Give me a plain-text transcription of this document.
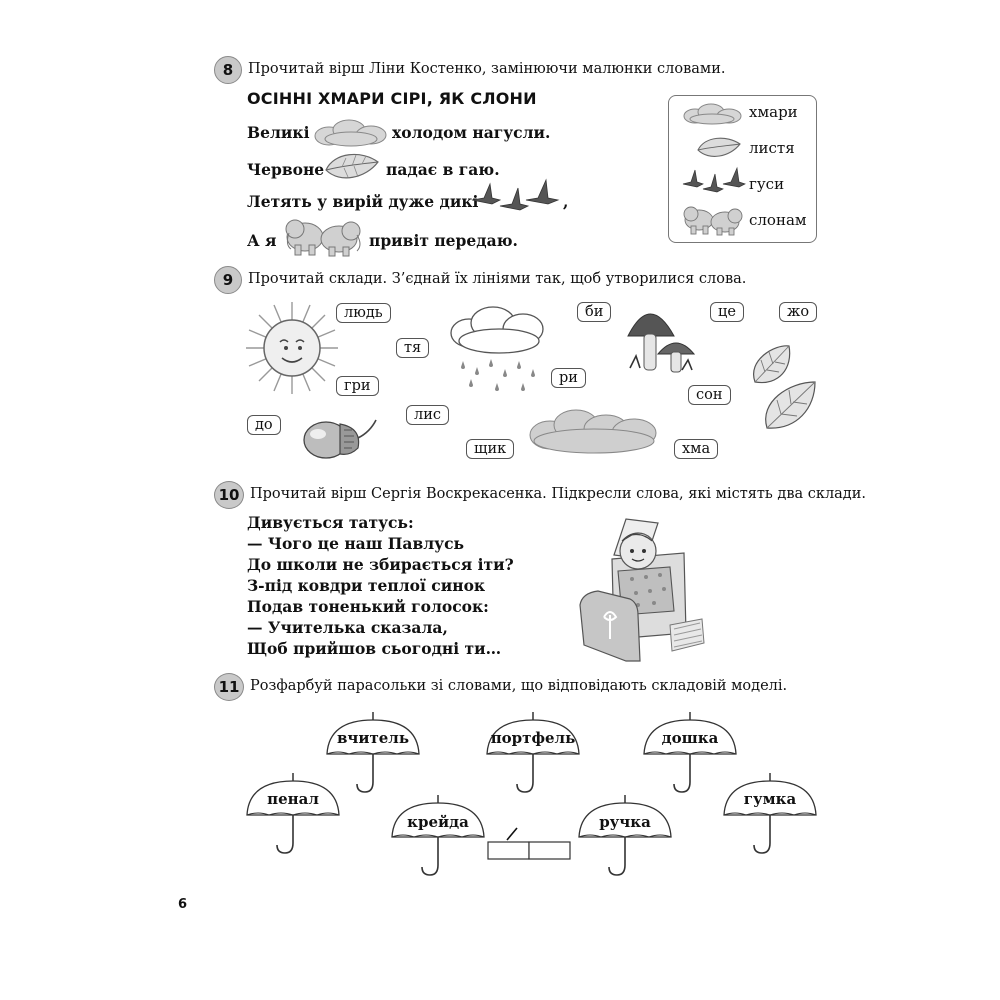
8	Прочитай вірш Ліни Костенко, замінюючи малюнки словами.
ОСІННІ ХМАРИ СІРІ, ЯК СЛОНИ
Великі	холодом нагусли.
Червоне	падає в гаю.
Летять у вирій дуже дикі	,
А я	привіт передаю.
хмари
листя
гуси
слонам
9	Прочитай склади. З’єднай їх лініями так, щоб утворилися слова.
людь
тя
гри
до
лис
щик
ри
би	це	жо
сон
хма
10 Прочитай вірш Сергія Воскрекасенка. Підкресли слова, які містять два склади.
Дивується татусь:
— Чого це наш Павлусь
До школи не збирається іти?
З-під ковдри теплої синок
Подав тоненький голосок:
— Учителька сказала,
Щоб прийшов сьогодні ти…
11 Розфарбуй парасольки зі словами, що відповідають складовій моделі.
вчитель	портфель	дошка
пенал
крейда	ручка
гумка
6
